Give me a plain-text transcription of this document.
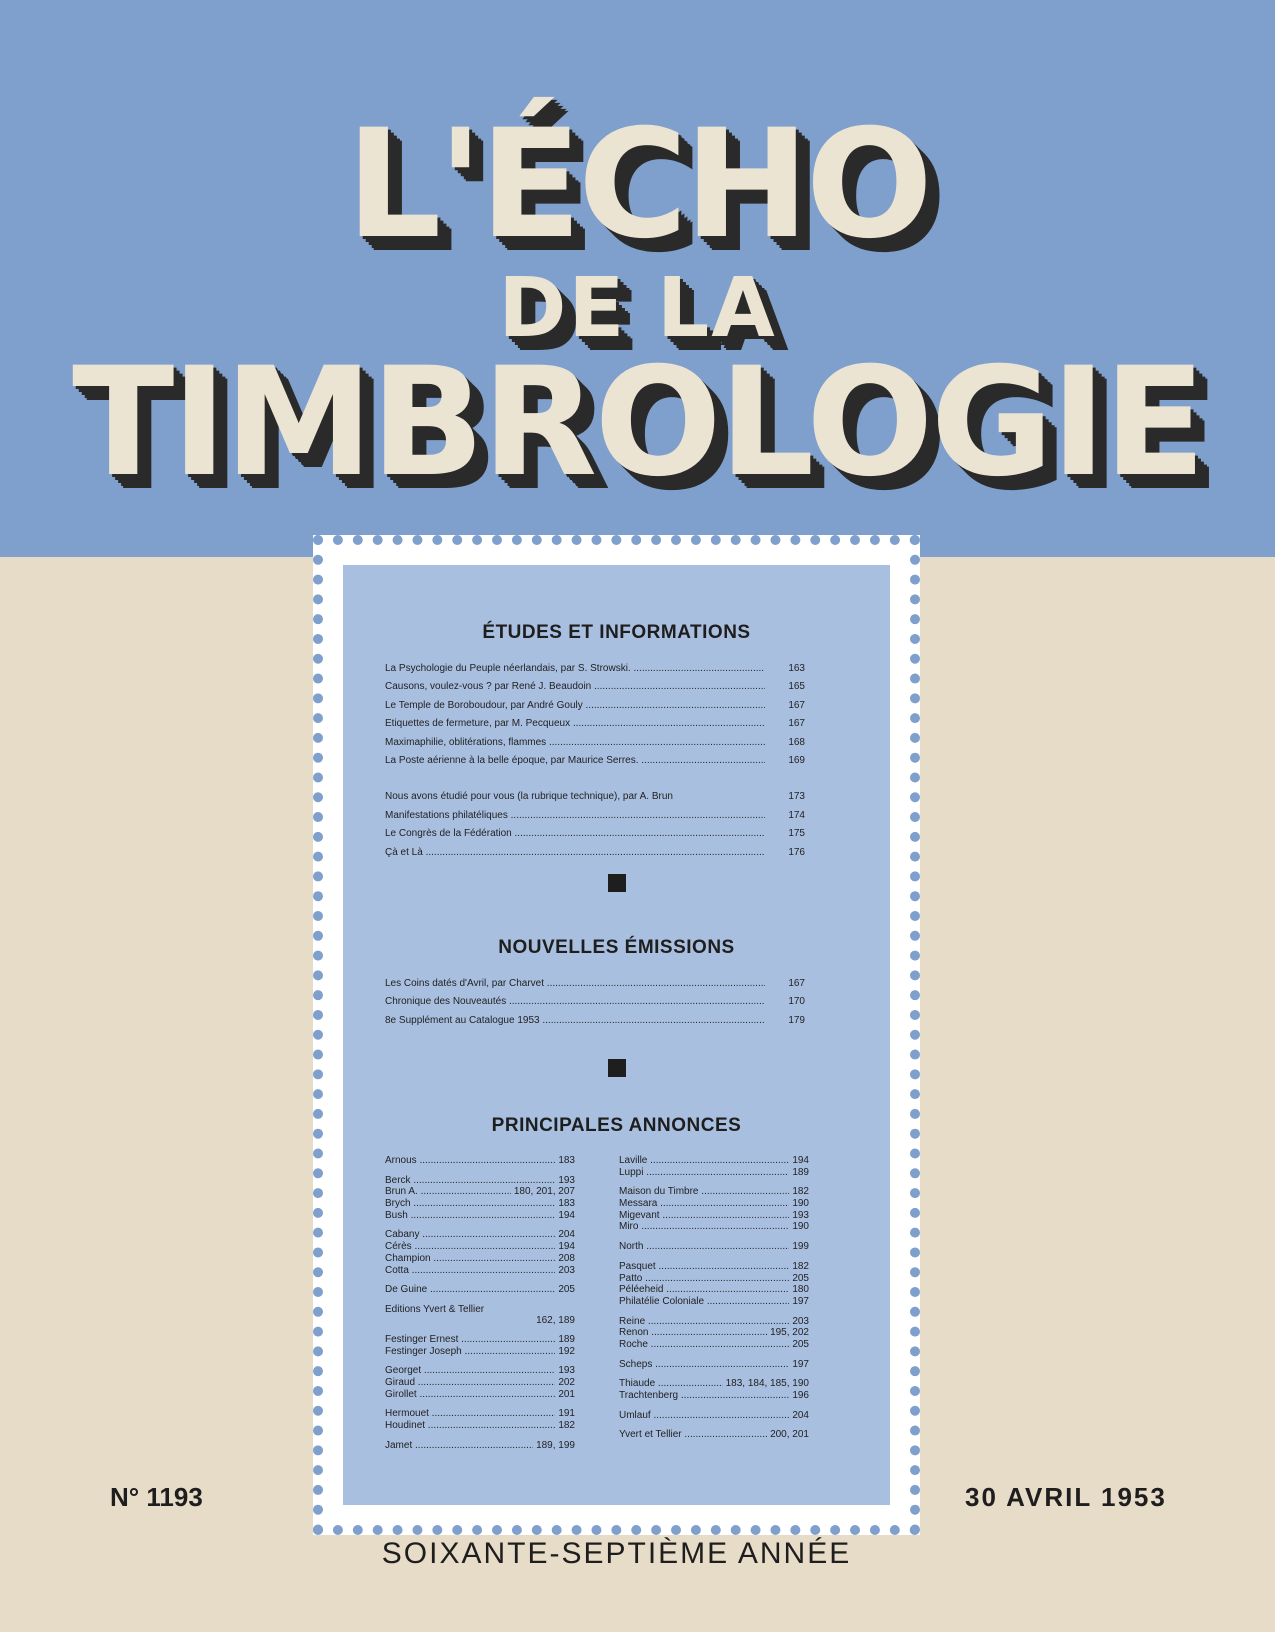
L'ÉCHO
DE LA
TIMBROLOGIE
ÉTUDES ET INFORMATIONS
La Psychologie du Peuple néerlandais, par S. Strowski. .....	163
Causons, voulez-vous ? par René J. Beaudoin .....	165
Le Temple de Boroboudour, par André Gouly .....	167
Etiquettes de fermeture, par M. Pecqueux .....	167
Maximaphilie, oblitérations, flammes .....	168
La Poste aérienne à la belle époque, par Maurice Serres. .....	169
Nous avons étudié pour vous (la rubrique technique), par A. Brun	173
Manifestations philatéliques .....	174
Le Congrès de la Fédération .....	175
Çà et Là .....	176
NOUVELLES ÉMISSIONS
Les Coins datés d'Avril, par Charvet .....	167
Chronique des Nouveautés .....	170
8e Supplément au Catalogue 1953 .....	179
PRINCIPALES ANNONCES
Arnous .....	183
Berck .....	193
Brun A. .....	180, 201, 207
Brych .....	183
Bush .....	194
Cabany .....	204
Cérès .....	194
Champion .....	208
Cotta .....	203
De Guine .....	205
Editions Yvert & Tellier
162, 189
Festinger Ernest .....	189
Festinger Joseph .....	192
Georget .....	193
Giraud .....	202
Girollet .....	201
Hermouet .....	191
Houdinet .....	182
Jamet .....	189, 199
Laville .....	194
Luppi .....	189
Maison du Timbre .....	182
Messara .....	190
Migevant .....	193
Miro .....	190
North .....	199
Pasquet .....	182
Patto .....	205
Péléeheid .....	180
Philatélie Coloniale .....	197
Reine .....	203
Renon .....	195, 202
Roche .....	205
Scheps .....	197
Thiaude .....	183, 184, 185, 190
Trachtenberg .....	196
Umlauf .....	204
Yvert et Tellier .....	200, 201
N° 1193	30 AVRIL 1953
SOIXANTE-SEPTIÈME ANNÉE
